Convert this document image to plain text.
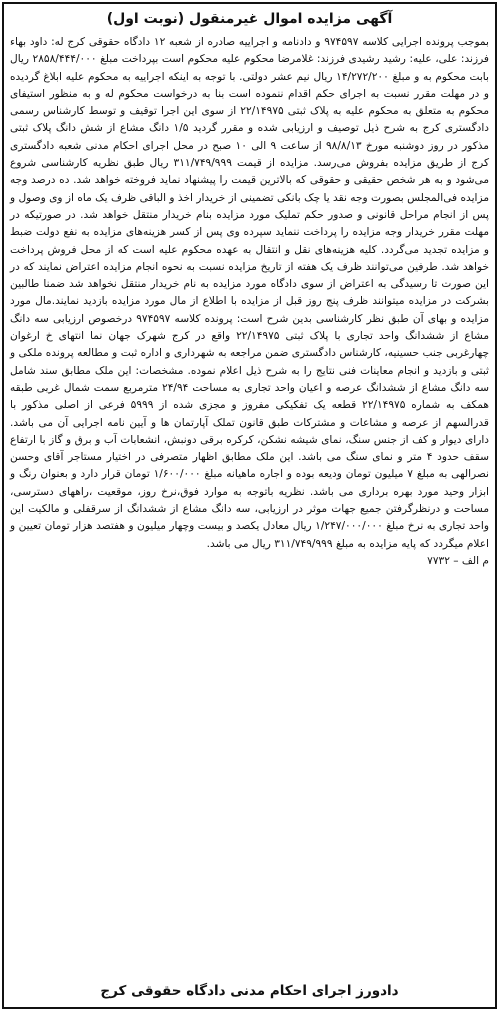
آگهی مزایده اموال غیرمنقول (نوبت اول)

بموجب پرونده اجرایی کلاسه ۹۷۴۵۹۷ و دادنامه و اجراییه صادره از شعبه ۱۲ دادگاه حقوقی کرج له: داود بهاء فرزند: علی، علیه: رشید رشیدی فرزند: غلامرضا محکوم علیه محکوم است بپرداخت مبلغ ۲۸۵۸/۴۴۴/۰۰۰ ریال بابت محکوم به و مبلغ ۱۴/۲۷۲/۲۰۰ ریال نیم عشر دولتی. با توجه به اینکه اجراییه به محکوم علیه ابلاغ گردیده و در مهلت مقرر نسبت به اجرای حکم اقدام ننموده است بنا به درخواست محکوم له و به منظور استیفای محکوم به متعلق به محکوم علیه به پلاک ثبتی ۲۲/۱۴۹۷۵ از سوی این اجرا توقیف و توسط کارشناس رسمی دادگستری کرج به شرح ذیل توصیف و ارزیابی شده و مقرر گردید ۱/۵ دانگ مشاع از شش دانگ پلاک ثبتی مذکور در روز دوشنبه مورخ ۹۸/۸/۱۳ از ساعت ۹ الی ۱۰ صبح در محل اجرای احکام مدنی شعبه دادگستری کرج از طریق مزایده بفروش می‌رسد. مزایده از قیمت ۳۱۱/۷۴۹/۹۹۹ ریال طبق نظریه کارشناسی شروع می‌شود و به هر شخص حقیقی و حقوقی که بالاترین قیمت را پیشنهاد نماید فروخته خواهد شد. ده درصد وجه مزایده فی‌المجلس بصورت وجه نقد یا چک بانکی تضمینی از خریدار اخذ و الباقی ظرف یک ماه از وی وصول و پس از انجام مراحل قانونی و صدور حکم تملیک مورد مزایده بنام خریدار منتقل خواهد شد. در صورتیکه در مهلت مقرر خریدار وجه مزایده را پرداخت ننماید سپرده وی پس از کسر هزینه‌های مزایده به نفع دولت ضبط و مزایده تجدید می‌گردد. کلیه هزینه‌های نقل و انتقال به عهده محکوم علیه است که از محل فروش پرداخت خواهد شد. طرفین می‌توانند ظرف یک هفته از تاریخ مزایده نسبت به نحوه انجام مزایده اعتراض نمایند که در این صورت تا رسیدگی به اعتراض از سوی دادگاه مورد مزایده به نام خریدار منتقل نخواهد شد ضمنا طالبین بشرکت در مزایده میتوانند ظرف پنج روز قبل از مزایده با اطلاع از مال مورد مزایده بازدید نمایند.مال مورد مزایده و بهای آن طبق نظر کارشناسی بدین شرح است: پرونده کلاسه ۹۷۴۵۹۷ درخصوص ارزیابی سه دانگ مشاع از ششدانگ واحد تجاری با پلاک ثبتی ۲۲/۱۴۹۷۵ واقع در کرج شهرک جهان نما انتهای خ ارغوان چهارغربی جنب حسینیه، کارشناس دادگستری ضمن مراجعه به شهرداری و اداره ثبت و مطالعه پرونده ملکی و ثبتی و بازدید و انجام معاینات فنی نتایج را به شرح ذیل اعلام نموده. مشخصات: این ملک مطابق سند شامل سه دانگ مشاع از ششدانگ عرصه و اعیان واحد تجاری به مساحت ۲۴/۹۴ مترمربع سمت شمال غربی طبقه همکف به شماره ۲۲/۱۴۹۷۵ قطعه یک تفکیکی مفروز و مجزی شده از ۵۹۹۹ فرعی از اصلی مذکور با قدرالسهم از عرصه و مشاعات و مشترکات طبق قانون تملک آپارتمان ها و آیین نامه اجرایی آن می باشد. دارای دیوار و کف از جنس سنگ، نمای شیشه نشکن، کرکره برقی دونبش، انشعابات آب و برق و گاز با ارتفاع سقف حدود ۴ متر و نمای سنگ می باشد. این ملک مطابق اظهار متصرفی در اختیار مستاجر آقای وحسن نصرالهی به مبلغ ۷ میلیون تومان ودیعه بوده و اجاره ماهیانه مبلغ ۱/۶۰۰/۰۰۰ تومان قرار دارد و بعنوان رنگ و ابزار وحید مورد بهره برداری می باشد. نظریه باتوجه به موارد فوق،نرخ روز، موقعیت ،راههای دسترسی، مساحت و درنظرگرفتن جمیع جهات موثر در ارزیابی، سه دانگ مشاع از ششدانگ از سرقفلی و مالکیت این واحد تجاری به نرخ مبلغ ۱/۲۴۷/۰۰۰/۰۰۰ ریال معادل یکصد و بیست وچهار میلیون و هفتصد هزار تومان تعیین و اعلام میگردد که پایه مزایده به مبلغ ۳۱۱/۷۴۹/۹۹۹ ریال می باشد.

م الف – ۷۷۳۲

دادورز اجرای احکام مدنی دادگاه حقوقی کرج
